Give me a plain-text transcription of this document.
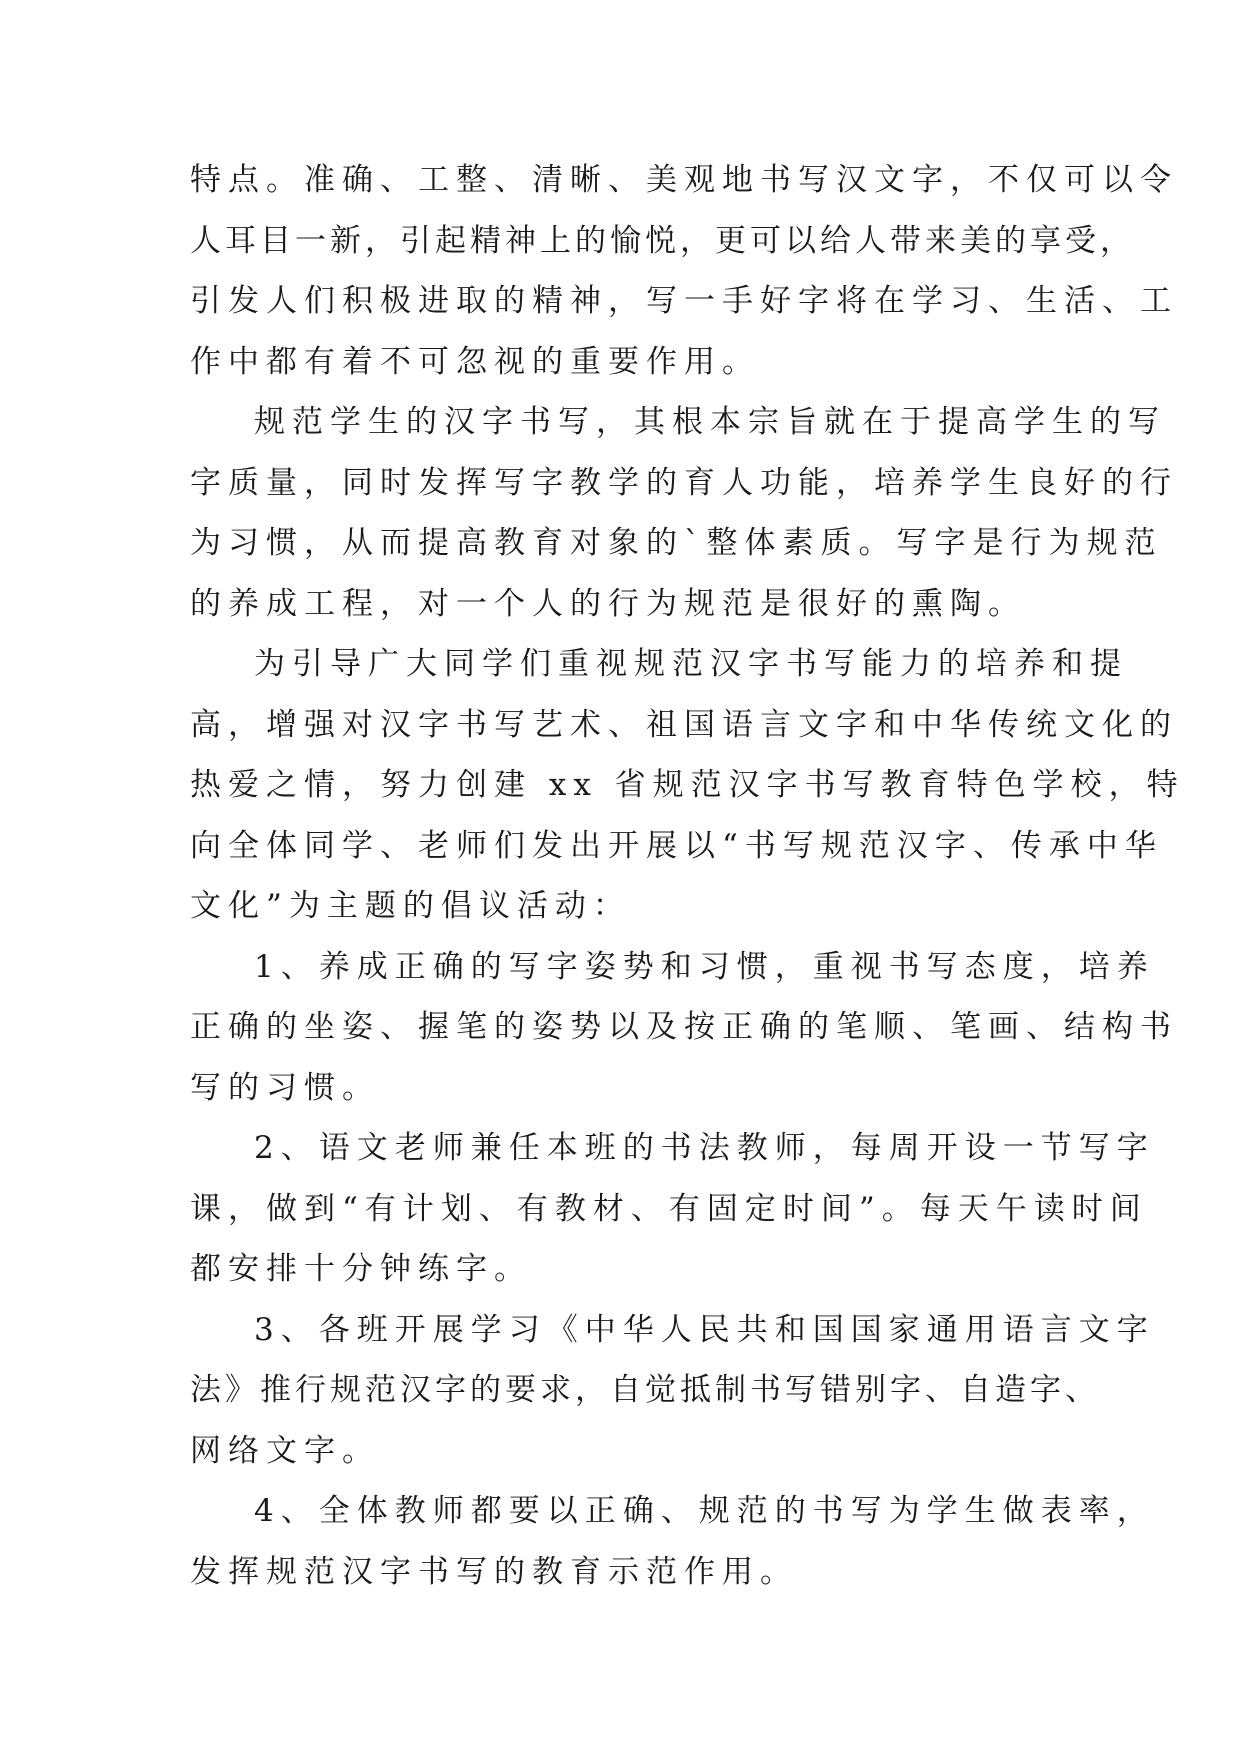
特点。准确、工整、清晰、美观地书写汉文字，不仅可以令
人耳目一新，引起精神上的愉悦，更可以给人带来美的享受，
引发人们积极进取的精神，写一手好字将在学习、生活、工
作中都有着不可忽视的重要作用。
规范学生的汉字书写，其根本宗旨就在于提高学生的写
字质量，同时发挥写字教学的育人功能，培养学生良好的行
为习惯，从而提高教育对象的`整体素质。写字是行为规范
的养成工程，对一个人的行为规范是很好的熏陶。
为引导广大同学们重视规范汉字书写能力的培养和提
高，增强对汉字书写艺术、祖国语言文字和中华传统文化的
热爱之情，努力创建 xx 省规范汉字书写教育特色学校，特
向全体同学、老师们发出开展以“书写规范汉字、传承中华
文化”为主题的倡议活动：
1、养成正确的写字姿势和习惯，重视书写态度，培养
正确的坐姿、握笔的姿势以及按正确的笔顺、笔画、结构书
写的习惯。
2、语文老师兼任本班的书法教师，每周开设一节写字
课，做到“有计划、有教材、有固定时间”。每天午读时间
都安排十分钟练字。
3、各班开展学习《中华人民共和国国家通用语言文字
法》推行规范汉字的要求，自觉抵制书写错别字、自造字、
网络文字。
4、全体教师都要以正确、规范的书写为学生做表率，
发挥规范汉字书写的教育示范作用。
